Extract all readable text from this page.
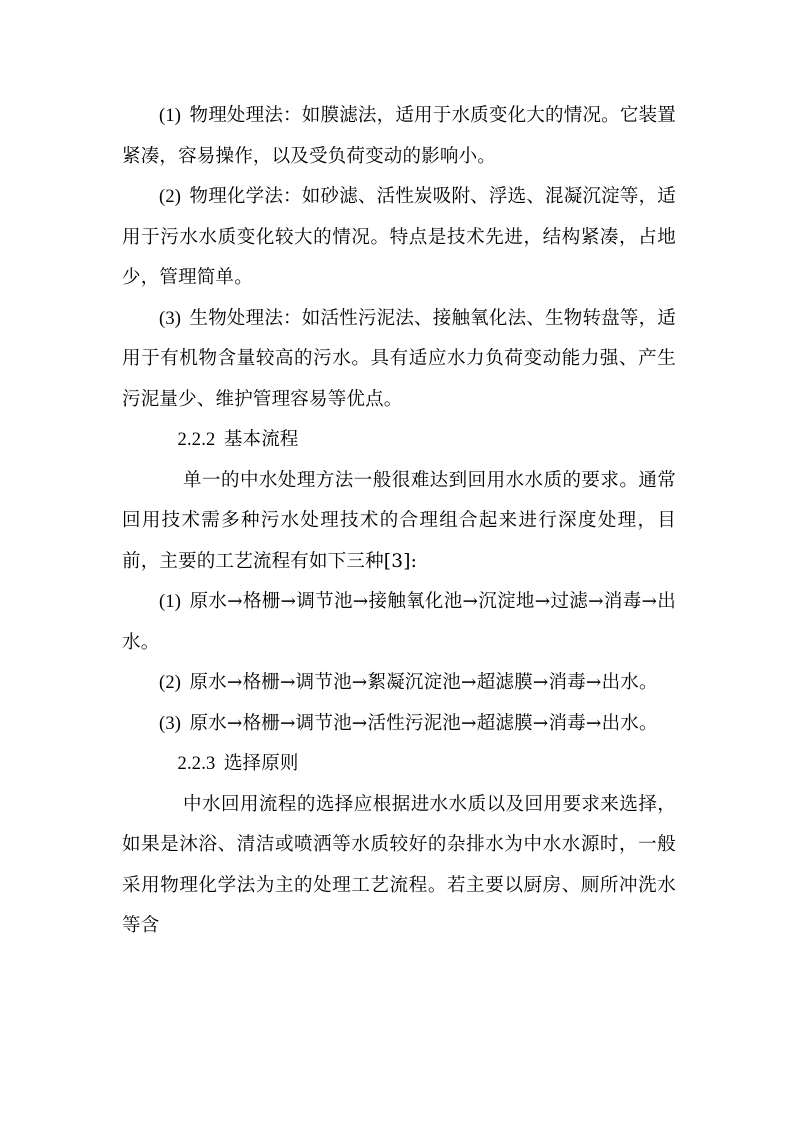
(1) 物理处理法：如膜滤法，适用于水质变化大的情况。它装置紧凑，容易操作，以及受负荷变动的影响小。

(2) 物理化学法：如砂滤、活性炭吸附、浮选、混凝沉淀等，适用于污水水质变化较大的情况。特点是技术先进，结构紧凑，占地少，管理简单。

(3) 生物处理法：如活性污泥法、接触氧化法、生物转盘等，适用于有机物含量较高的污水。具有适应水力负荷变动能力强、产生污泥量少、维护管理容易等优点。

2.2.2 基本流程

单一的中水处理方法一般很难达到回用水水质的要求。通常回用技术需多种污水处理技术的合理组合起来进行深度处理，目前，主要的工艺流程有如下三种[3]:

(1) 原水→格栅→调节池→接触氧化池→沉淀地→过滤→消毒→出水。

(2) 原水→格栅→调节池→絮凝沉淀池→超滤膜→消毒→出水。

(3) 原水→格栅→调节池→活性污泥池→超滤膜→消毒→出水。

2.2.3 选择原则

中水回用流程的选择应根据进水水质以及回用要求来选择，如果是沐浴、清洁或喷洒等水质较好的杂排水为中水水源时，一般采用物理化学法为主的处理工艺流程。若主要以厨房、厕所冲洗水等含
